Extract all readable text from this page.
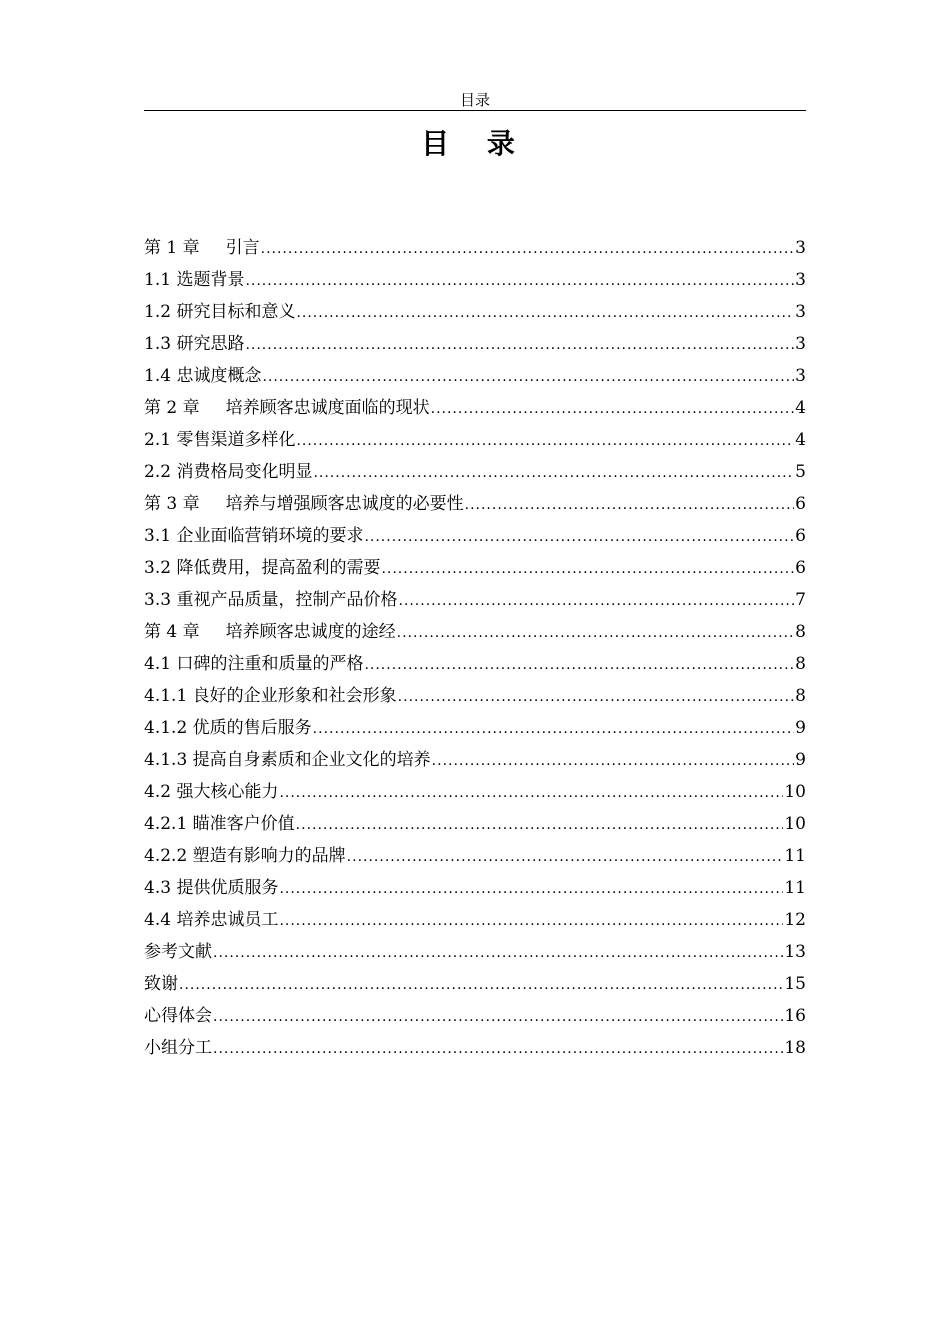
目录
目 录
第 1 章 引言 .....	3
1.1 选题背景 .....	3
1.2 研究目标和意义 .....	3
1.3 研究思路 .....	3
1.4 忠诚度概念 .....	3
第 2 章 培养顾客忠诚度面临的现状 .....	4
2.1 零售渠道多样化 .....	4
2.2 消费格局变化明显 .....	5
第 3 章 培养与增强顾客忠诚度的必要性 .....	6
3.1 企业面临营销环境的要求 .....	6
3.2 降低费用，提高盈利的需要 .....	6
3.3 重视产品质量，控制产品价格 .....	7
第 4 章 培养顾客忠诚度的途经 .....	8
4.1 口碑的注重和质量的严格 .....	8
4.1.1 良好的企业形象和社会形象 .....	8
4.1.2 优质的售后服务 .....	9
4.1.3 提高自身素质和企业文化的培养 .....	9
4.2 强大核心能力 .....	10
4.2.1 瞄准客户价值 .....	10
4.2.2 塑造有影响力的品牌 .....	11
4.3 提供优质服务 .....	11
4.4 培养忠诚员工 .....	12
参考文献 .....	13
致谢 .....	15
心得体会 .....	16
小组分工 .....	18
